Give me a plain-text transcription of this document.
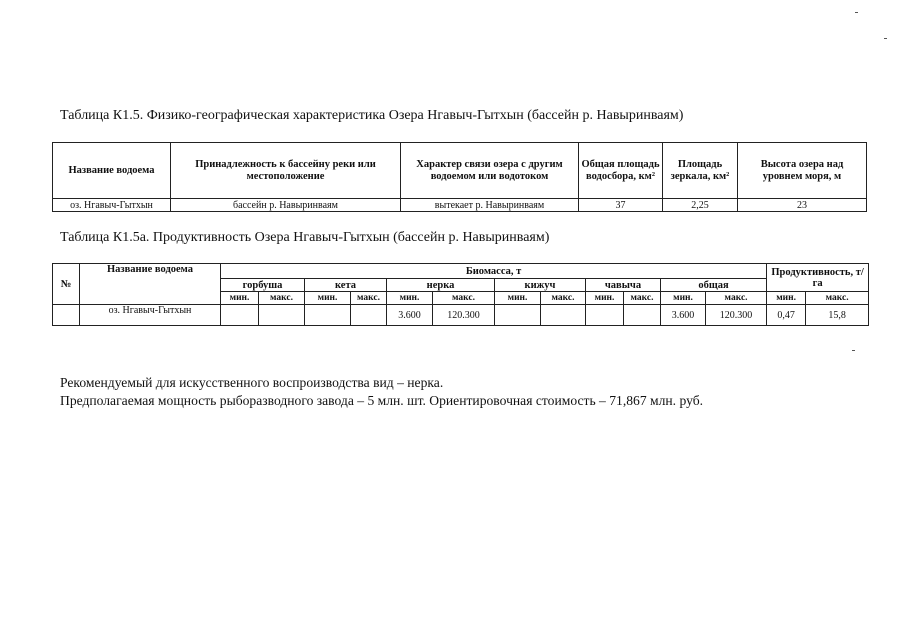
Таблица К1.5. Физико-географическая характеристика Озера Нгавыч-Гытхын (бассейн р. Навыринваям)
Название водоема	Принадлежность к бассейну реки или местоположение	Характер связи озера с другим водоемом или водотоком	Общая площадь водосбора, км²	Площадь зеркала, км²	Высота озера над уровнем моря, м
оз. Нгавыч-Гытхын	бассейн р. Навыринваям	вытекает р. Навыринваям	37	2,25	23
Таблица К1.5а. Продуктивность Озера Нгавыч-Гытхын (бассейн р. Навыринваям)
№	Название водоема	Биомасса, т												Продуктивность, т/га	
		горбуша		кета		нерка		кижуч		чавыча		общая			
		мин.	макс.	мин.	макс.	мин.	макс.	мин.	макс.	мин.	макс.	мин.	макс.	мин.	макс.
	оз. Нгавыч-Гытхын					3.600	120.300					3.600	120.300	0,47	15,8
Рекомендуемый для искусственного воспроизводства вид – нерка.
Предполагаемая мощность рыборазводного завода – 5 млн. шт. Ориентировочная стоимость – 71,867 млн. руб.
